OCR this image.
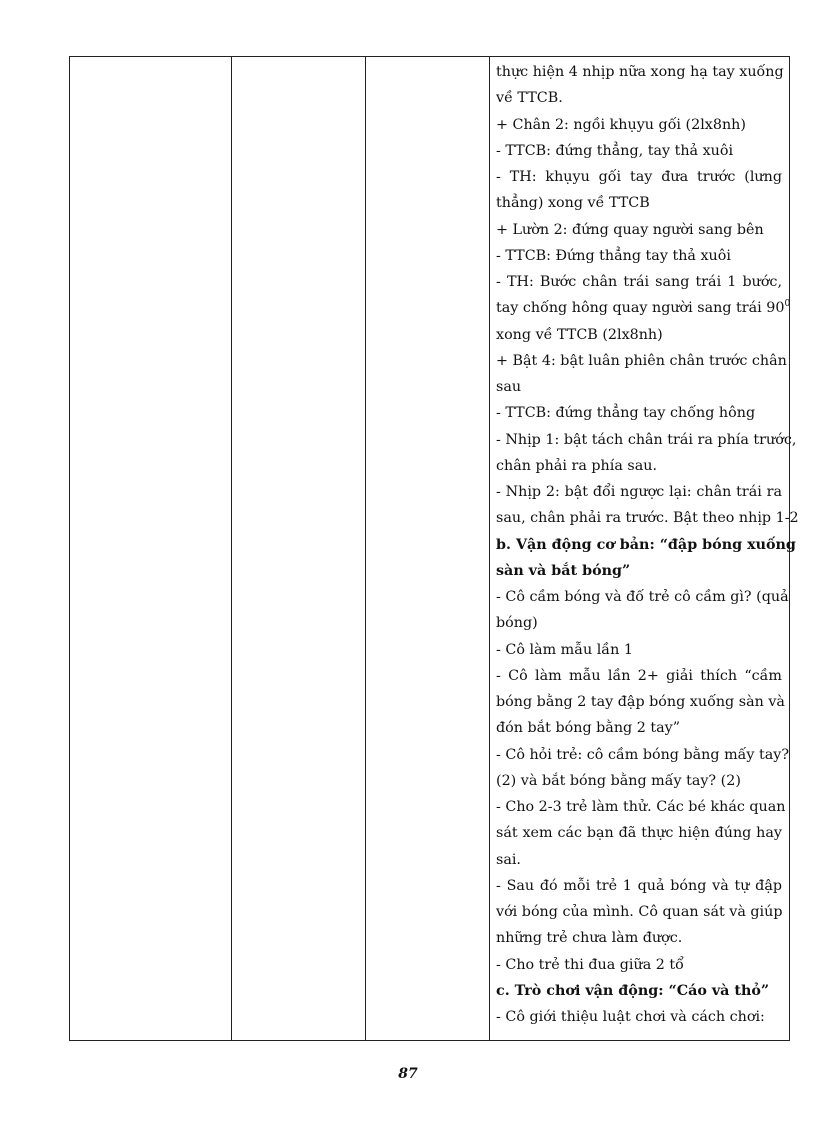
thực hiện 4 nhịp nữa xong hạ tay xuống
về TTCB.
+ Chân 2: ngồi khụyu gối (2lx8nh)
- TTCB: đứng thẳng, tay thả xuôi
- TH: khụyu gối tay đưa trước (lưng
thẳng) xong về TTCB
+ Lườn 2: đứng quay người sang bên
- TTCB: Đứng thẳng tay thả xuôi
- TH: Bước chân trái sang trái 1 bước,
tay chống hông quay người sang trái $90^0$
xong về TTCB (2lx8nh)
+ Bật 4: bật luân phiên chân trước chân
sau
- TTCB: đứng thẳng tay chống hông
- Nhịp 1: bật tách chân trái ra phía trước,
chân phải ra phía sau.
- Nhịp 2: bật đổi ngược lại: chân trái ra
sau, chân phải ra trước. Bật theo nhịp 1-2
b. Vận động cơ bản: “đập bóng xuống
sàn và bắt bóng”
- Cô cầm bóng và đố trẻ cô cầm gì? (quả
bóng)
- Cô làm mẫu lần 1
- Cô làm mẫu lần 2+ giải thích “cầm
bóng bằng 2 tay đập bóng xuống sàn và
đón bắt bóng bằng 2 tay”
- Cô hỏi trẻ: cô cầm bóng bằng mấy tay?
(2) và bắt bóng bằng mấy tay? (2)
- Cho 2-3 trẻ làm thử. Các bé khác quan
sát xem các bạn đã thực hiện đúng hay
sai.
- Sau đó mỗi trẻ 1 quả bóng và tự đập
với bóng của mình. Cô quan sát và giúp
những trẻ chưa làm được.
- Cho trẻ thi đua giữa 2 tổ
c. Trò chơi vận động: “Cáo và thỏ”
- Cô giới thiệu luật chơi và cách chơi:
87
